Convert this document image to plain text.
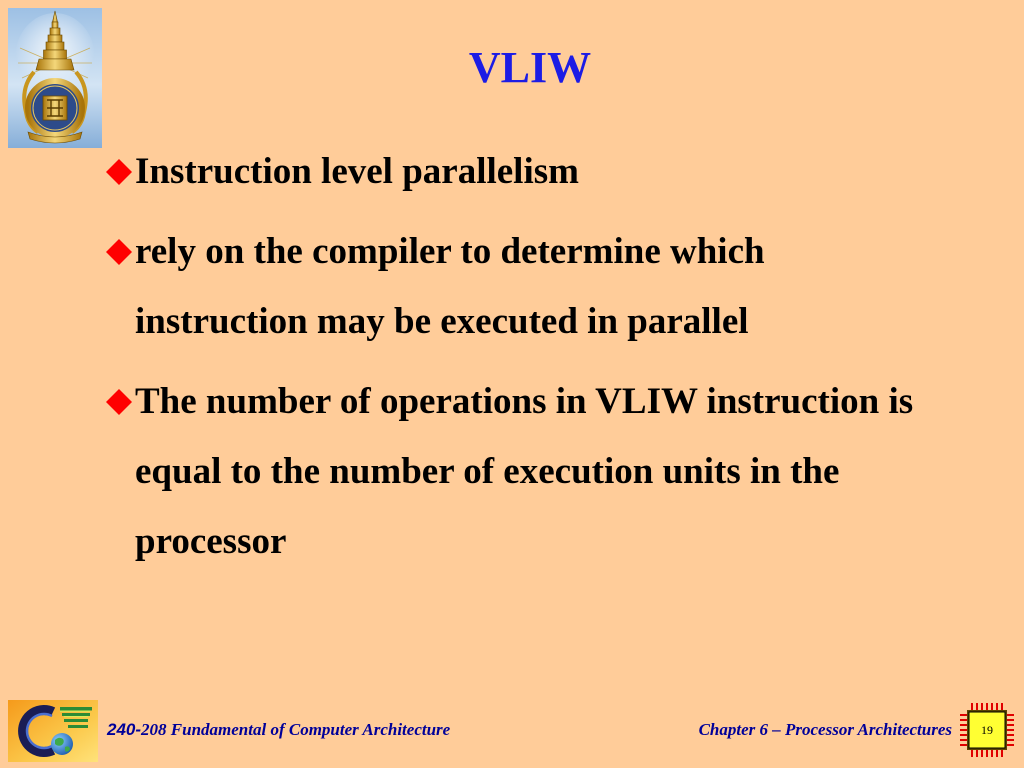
VLIW
Instruction level parallelism
rely on the compiler to determine which
instruction may be executed in parallel
The number of operations in VLIW instruction is
equal to the number of execution units in the
processor
240-208 Fundamental of Computer Architecture	Chapter 6 – Processor Architectures	19
